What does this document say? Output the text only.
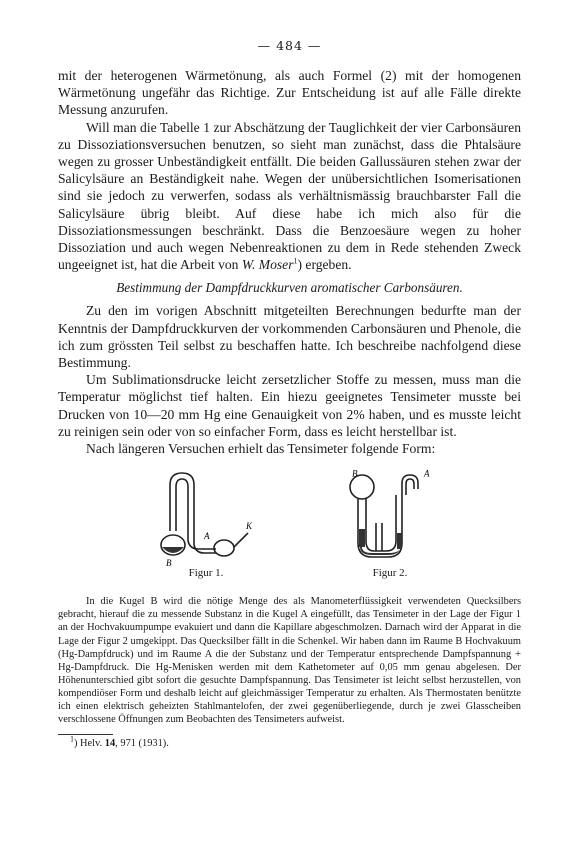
— 484 —

mit der heterogenen Wärmetönung, als auch Formel (2) mit der homogenen Wärmetönung ungefähr das Richtige. Zur Entscheidung ist auf alle Fälle direkte Messung anzurufen.

Will man die Tabelle 1 zur Abschätzung der Tauglichkeit der vier Carbonsäuren zu Dissoziationsversuchen benutzen, so sieht man zunächst, dass die Phtalsäure wegen zu grosser Unbeständigkeit entfällt. Die beiden Gallussäuren stehen zwar der Salicylsäure an Beständigkeit nahe. Wegen der unübersichtlichen Isomerisationen sind sie jedoch zu verwerfen, sodass als verhältnismässig brauchbarster Fall die Salicylsäure übrig bleibt. Auf diese habe ich mich also für die Dissoziationsmessungen beschränkt. Dass die Benzoesäure wegen zu hoher Dissoziation und auch wegen Nebenreaktionen zu dem in Rede stehenden Zweck ungeeignet ist, hat die Arbeit von W. Moser$^1$) ergeben.

Bestimmung der Dampfdruckkurven aromatischer Carbonsäuren.

Zu den im vorigen Abschnitt mitgeteilten Berechnungen bedurfte man der Kenntnis der Dampfdruckkurven der vorkommenden Carbonsäuren und Phenole, die ich zum grössten Teil selbst zu beschaffen hatte. Ich beschreibe nachfolgend diese Bestimmung.

Um Sublimationsdrucke leicht zersetzlicher Stoffe zu messen, muss man die Temperatur möglichst tief halten. Ein hiezu geeignetes Tensimeter musste bei Drucken von 10—20 mm Hg eine Genauigkeit von 2% haben, und es musste leicht zu reinigen sein oder von so einfacher Form, dass es leicht herstellbar ist.

Nach längeren Versuchen erhielt das Tensimeter folgende Form:

A
K
B
Figur 1.
B	A
Figur 2.

In die Kugel B wird die nötige Menge des als Manometerflüssigkeit verwendeten Quecksilbers gebracht, hierauf die zu messende Substanz in die Kugel A eingefüllt, das Tensimeter in der Lage der Figur 1 an der Hochvakuumpumpe evakuiert und dann die Kapillare abgeschmolzen. Darnach wird der Apparat in die Lage der Figur 2 umgekippt. Das Quecksilber fällt in die Schenkel. Wir haben dann im Raume B Hochvakuum (Hg-Dampfdruck) und im Raume A die der Substanz und der Temperatur entsprechende Dampfspannung + Hg-Dampfdruck. Die Hg-Menisken werden mit dem Kathetometer auf 0,05 mm genau abgelesen. Der Höhenunterschied gibt sofort die gesuchte Dampfspannung. Das Tensimeter ist leicht selbst herzustellen, von kompendiöser Form und deshalb leicht auf gleichmässiger Temperatur zu erhalten. Als Thermostaten benützte ich einen elektrisch geheizten Stahlmantelofen, der zwei gegenüberliegende, durch je zwei Glasscheiben verschlossene Öffnungen zum Beobachten des Tensimeters aufweist.

$^1$) Helv. 14, 971 (1931).
